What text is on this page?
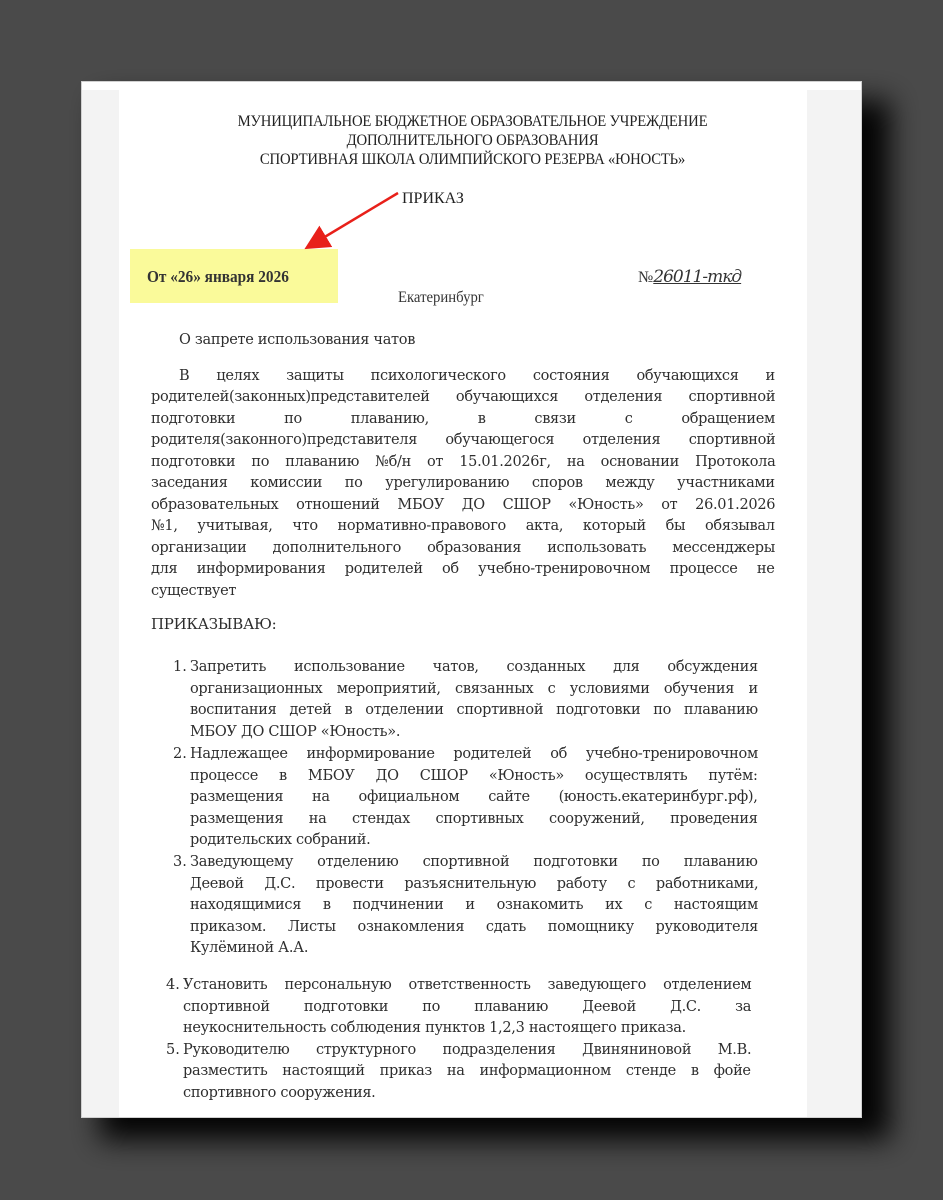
МУНИЦИПАЛЬНОЕ БЮДЖЕТНОЕ ОБРАЗОВАТЕЛЬНОЕ УЧРЕЖДЕНИЕ
ДОПОЛНИТЕЛЬНОГО ОБРАЗОВАНИЯ
СПОРТИВНАЯ ШКОЛА ОЛИМПИЙСКОГО РЕЗЕРВА «ЮНОСТЬ»
ПРИКАЗ
От «26» января 2026	№26011-ткд
Екатеринбург
О запрете использования чатов
В целях защиты психологического состояния обучающихся и
родителей(законных)представителей обучающихся отделения спортивной
подготовки по плаванию, в связи с обращением
родителя(законного)представителя обучающегося отделения спортивной
подготовки по плаванию №б/н от 15.01.2026г, на основании Протокола
заседания комиссии по урегулированию споров между участниками
образовательных отношений МБОУ ДО СШОР «Юность» от 26.01.2026
№1, учитывая, что нормативно-правового акта, который бы обязывал
организации дополнительного образования использовать мессенджеры
для информирования родителей об учебно-тренировочном процессе не
существует
ПРИКАЗЫВАЮ:
1. Запретить использование чатов, созданных для обсуждения
организационных мероприятий, связанных с условиями обучения и
воспитания детей в отделении спортивной подготовки по плаванию
МБОУ ДО СШОР «Юность».
2. Надлежащее информирование родителей об учебно-тренировочном
процессе в МБОУ ДО СШОР «Юность» осуществлять путём:
размещения на официальном сайте (юность.екатеринбург.рф),
размещения на стендах спортивных сооружений, проведения
родительских собраний.
3. Заведующему отделению спортивной подготовки по плаванию
Деевой Д.С. провести разъяснительную работу с работниками,
находящимися в подчинении и ознакомить их с настоящим
приказом. Листы ознакомления сдать помощнику руководителя
Кулёминой А.А.
4. Установить персональную ответственность заведующего отделением
спортивной подготовки по плаванию Деевой Д.С. за
неукоснительность соблюдения пунктов 1,2,3 настоящего приказа.
5. Руководителю структурного подразделения Двиняниновой М.В.
разместить настоящий приказ на информационном стенде в фойе
спортивного сооружения.
